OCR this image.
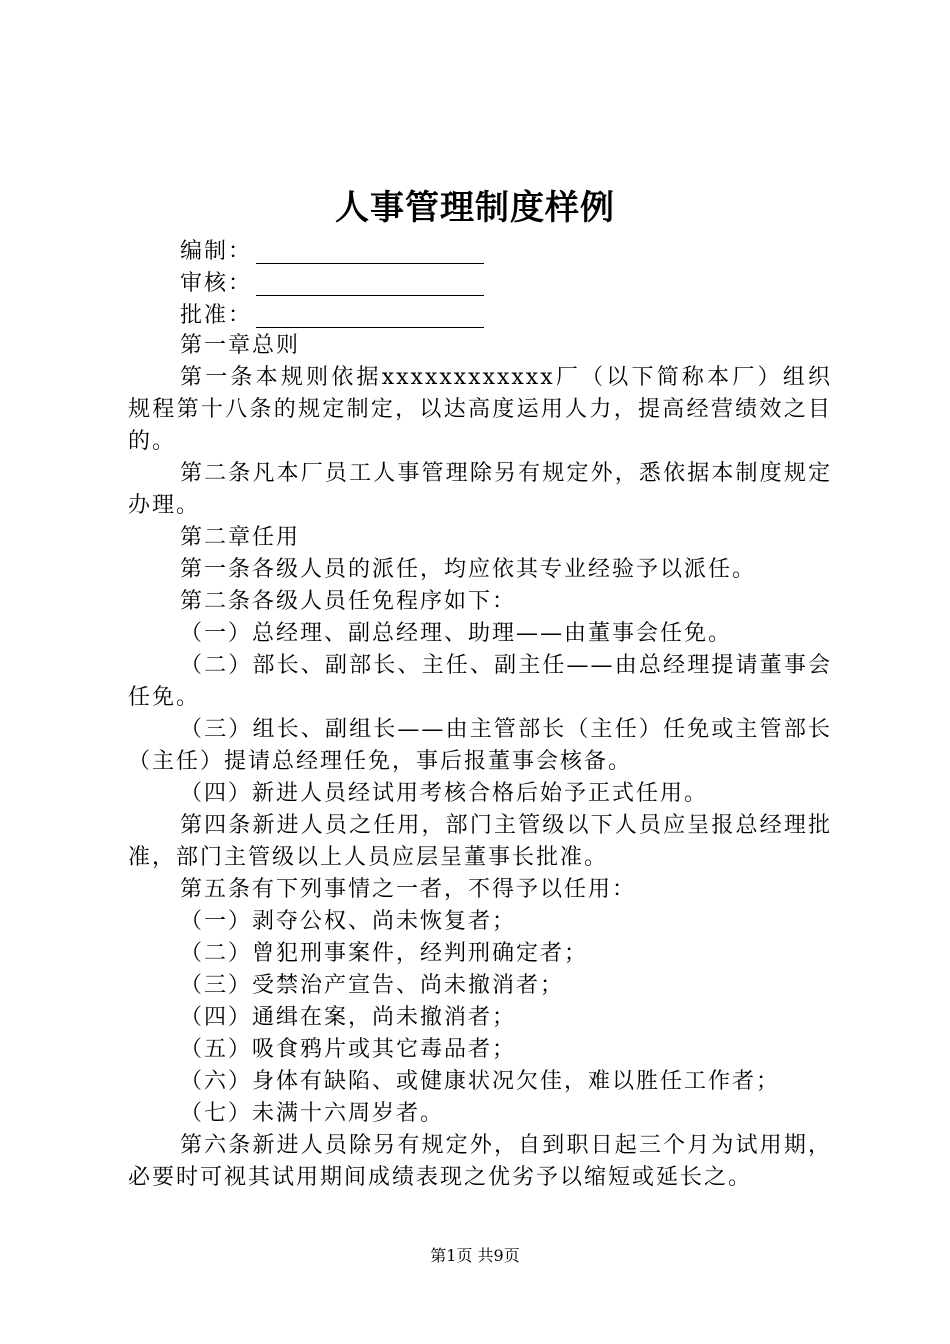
人事管理制度样例
编制：
审核：
批准：

第一章总则

第一条本规则依据xxxxxxxxxxxx厂（以下简称本厂）组织规程第十八条的规定制定，以达高度运用人力，提高经营绩效之目的。

第二条凡本厂员工人事管理除另有规定外，悉依据本制度规定办理。

第二章任用

第一条各级人员的派任，均应依其专业经验予以派任。

第二条各级人员任免程序如下：

（一）总经理、副总经理、助理——由董事会任免。

（二）部长、副部长、主任、副主任——由总经理提请董事会任免。

（三）组长、副组长——由主管部长（主任）任免或主管部长（主任）提请总经理任免，事后报董事会核备。

（四）新进人员经试用考核合格后始予正式任用。

第四条新进人员之任用，部门主管级以下人员应呈报总经理批准，部门主管级以上人员应层呈董事长批准。

第五条有下列事情之一者，不得予以任用：

（一）剥夺公权、尚未恢复者；

（二）曾犯刑事案件，经判刑确定者；

（三）受禁治产宣告、尚未撤消者；

（四）通缉在案，尚未撤消者；

（五）吸食鸦片或其它毒品者；

（六）身体有缺陷、或健康状况欠佳，难以胜任工作者；

（七）未满十六周岁者。

第六条新进人员除另有规定外，自到职日起三个月为试用期，必要时可视其试用期间成绩表现之优劣予以缩短或延长之。

第1页 共9页
